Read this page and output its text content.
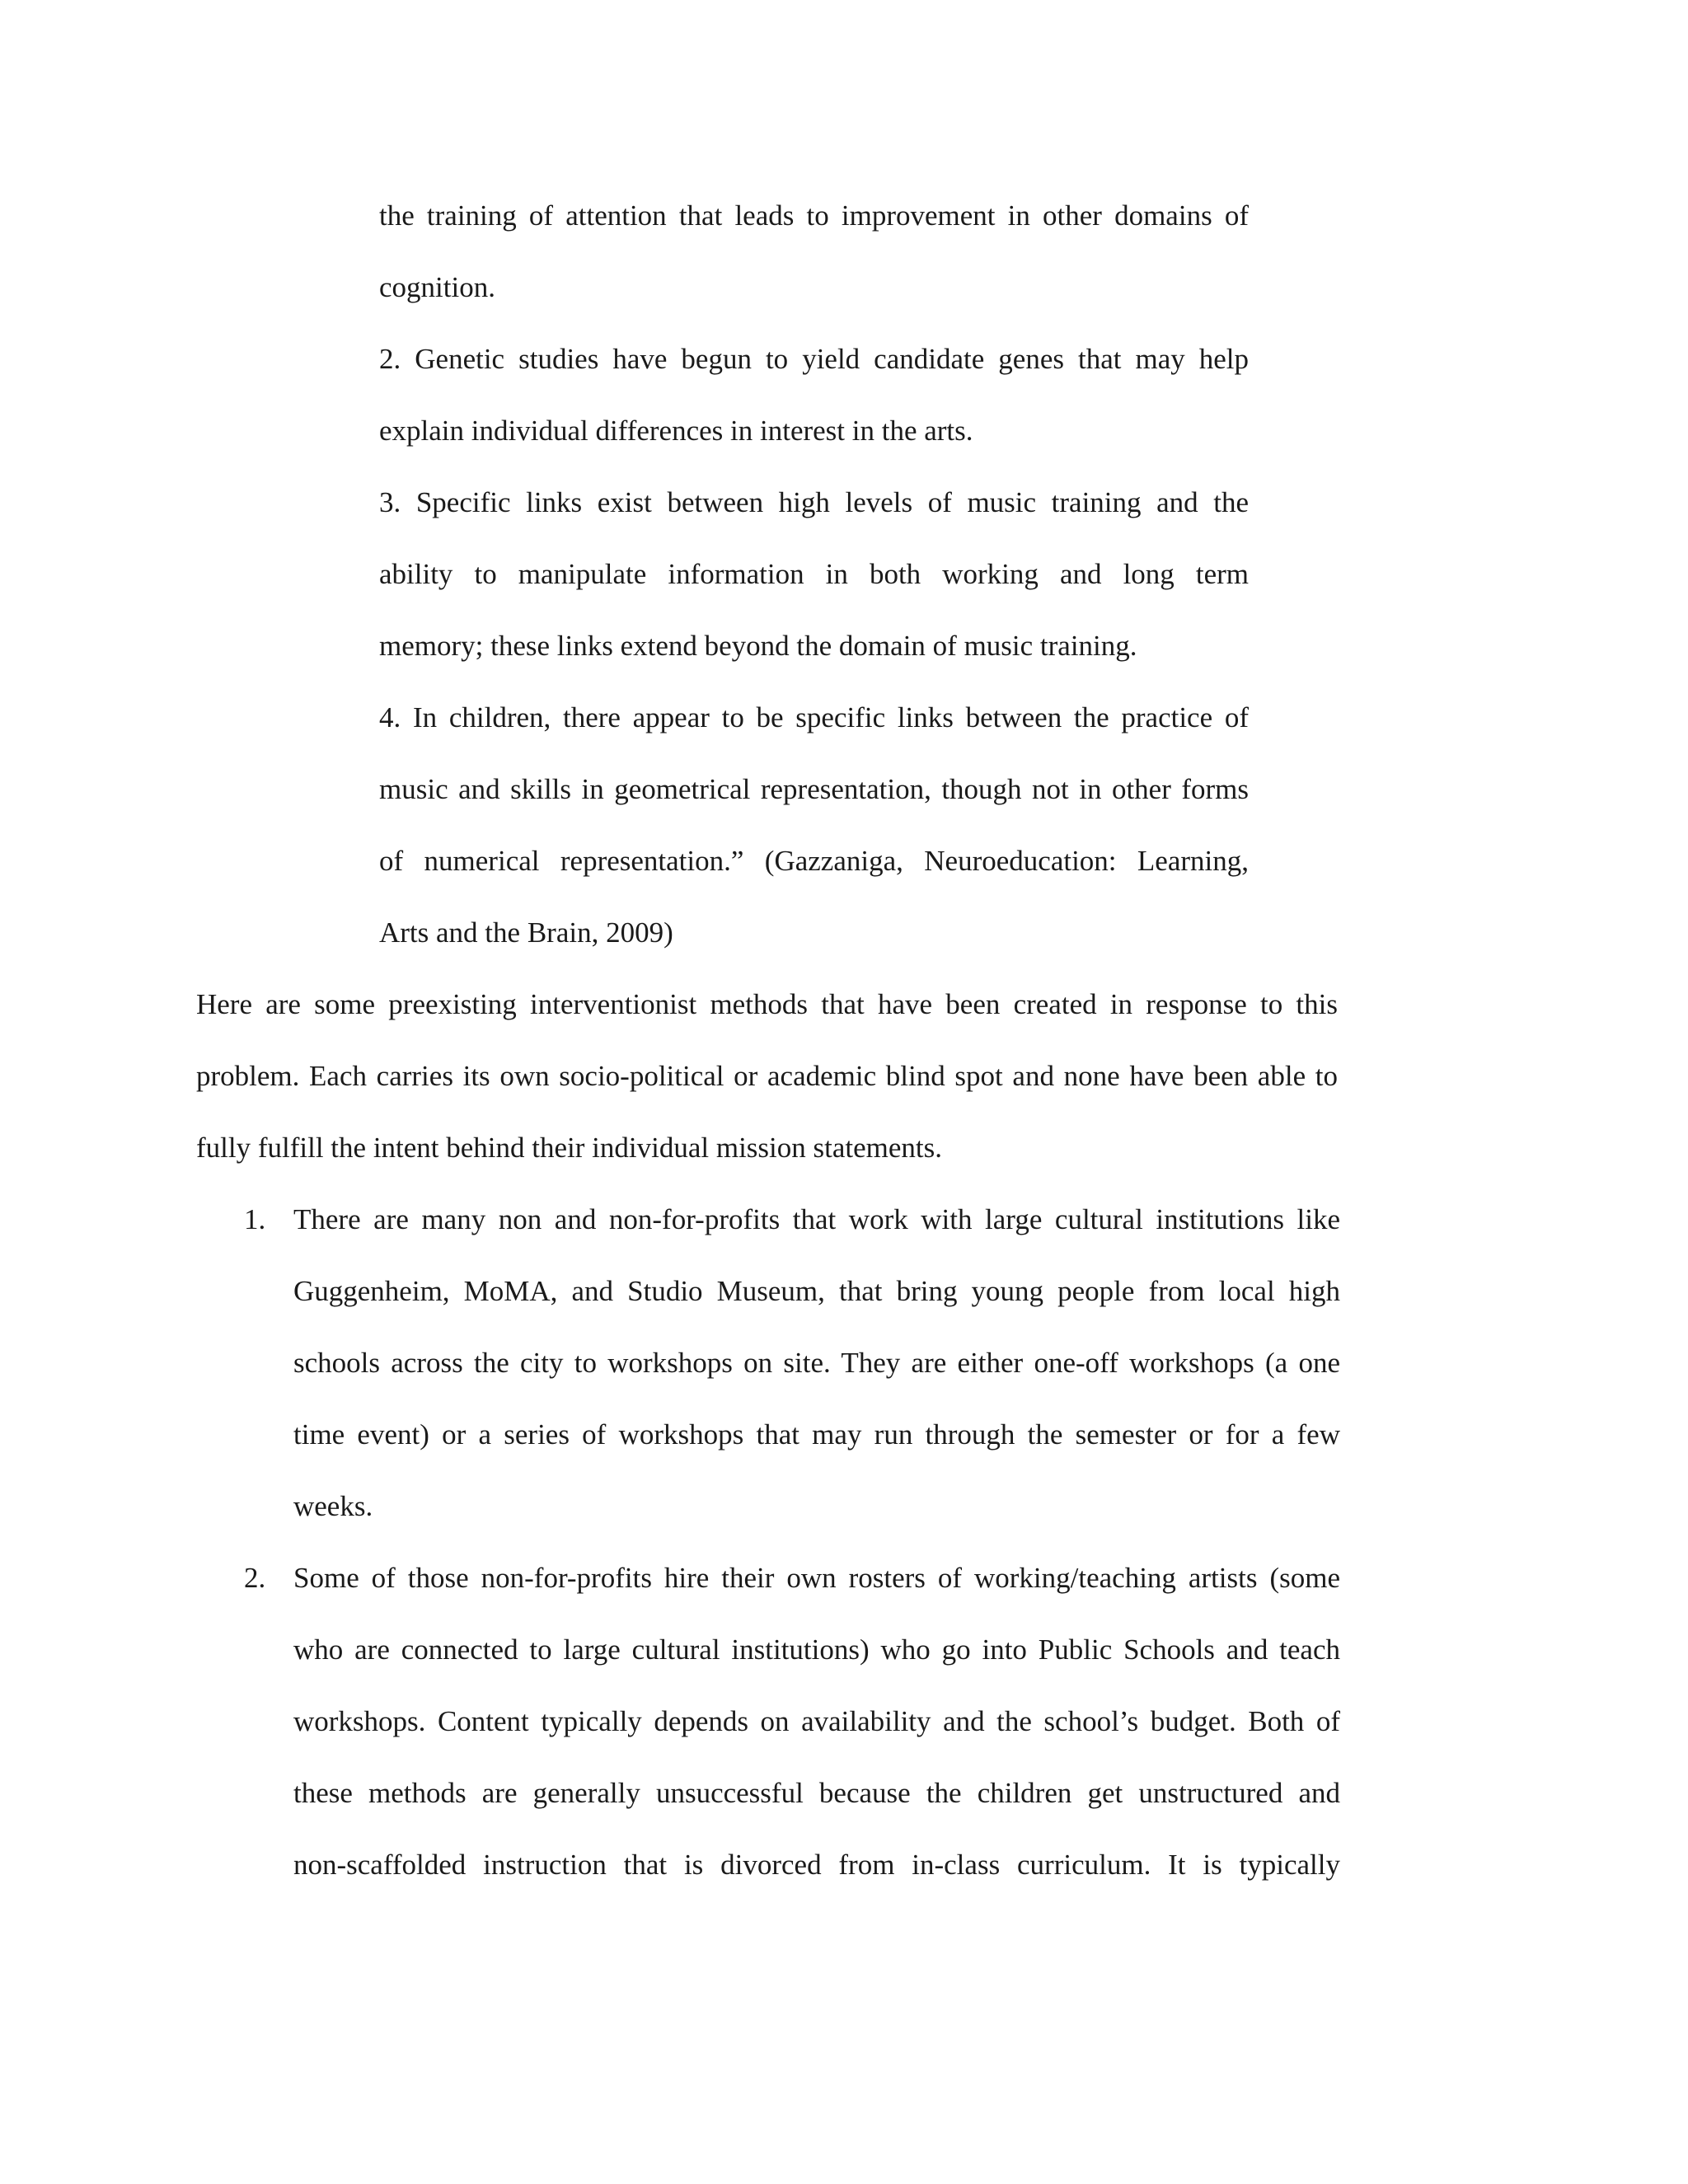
the training of attention that leads to improvement in other domains of

cognition.

2. Genetic studies have begun to yield candidate genes that may help

explain individual differences in interest in the arts.

3. Specific links exist between high levels of music training and the

ability to manipulate information in both working and long term

memory; these links extend beyond the domain of music training.

4. In children, there appear to be specific links between the practice of

music and skills in geometrical representation, though not in other forms

of numerical representation.” (Gazzaniga, Neuroeducation: Learning,

Arts and the Brain, 2009)

Here are some preexisting interventionist methods that have been created in response to this

problem. Each carries its own socio-political or academic blind spot and none have been able to

fully fulfill the intent behind their individual mission statements.

1. There are many non and non-for-profits that work with large cultural institutions like

Guggenheim, MoMA, and Studio Museum, that bring young people from local high

schools across the city to workshops on site. They are either one-off workshops (a one

time event) or a series of workshops that may run through the semester or for a few

weeks.

2. Some of those non-for-profits hire their own rosters of working/teaching artists (some

who are connected to large cultural institutions) who go into Public Schools and teach

workshops. Content typically depends on availability and the school’s budget. Both of

these methods are generally unsuccessful because the children get unstructured and

non-scaffolded instruction that is divorced from in-class curriculum. It is typically
